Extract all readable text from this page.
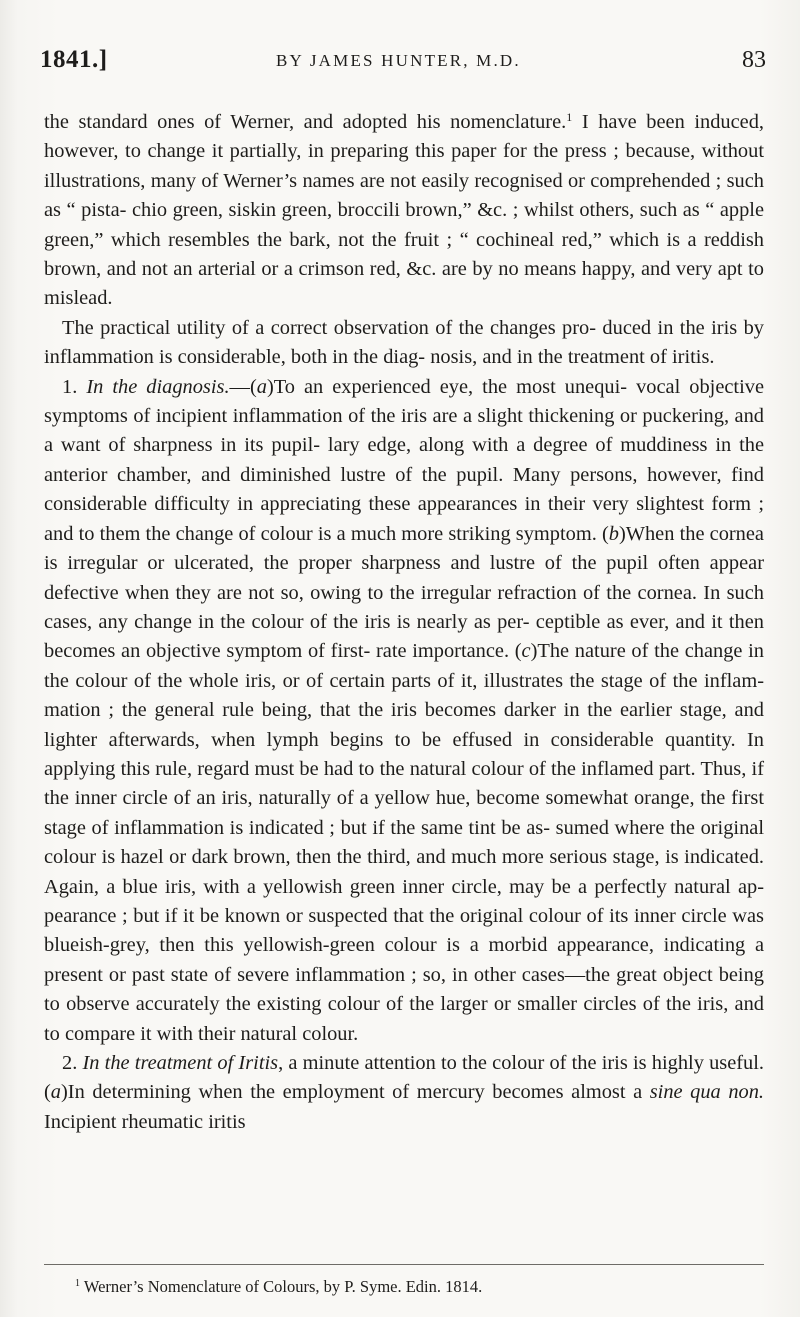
1841.]	BY JAMES HUNTER, M.D.	83

the standard ones of Werner, and adopted his nomenclature.$^1$ I have been induced, however, to change it partially, in preparing this paper for the press ; because, without illustrations, many of Werner’s names are not easily recognised or comprehended ; such as “ pista- chio green, siskin green, broccili brown,” &c. ; whilst others, such as “ apple green,” which resembles the bark, not the fruit ; “ cochineal red,” which is a reddish brown, and not an arterial or a crimson red, &c. are by no means happy, and very apt to mislead.

The practical utility of a correct observation of the changes pro- duced in the iris by inflammation is considerable, both in the diag- nosis, and in the treatment of iritis.

1. In the diagnosis.—(a)To an experienced eye, the most unequi- vocal objective symptoms of incipient inflammation of the iris are a slight thickening or puckering, and a want of sharpness in its pupil- lary edge, along with a degree of muddiness in the anterior chamber, and diminished lustre of the pupil. Many persons, however, find considerable difficulty in appreciating these appearances in their very slightest form ; and to them the change of colour is a much more striking symptom. (b)When the cornea is irregular or ulcerated, the proper sharpness and lustre of the pupil often appear defective when they are not so, owing to the irregular refraction of the cornea. In such cases, any change in the colour of the iris is nearly as per- ceptible as ever, and it then becomes an objective symptom of first- rate importance. (c)The nature of the change in the colour of the whole iris, or of certain parts of it, illustrates the stage of the inflam- mation ; the general rule being, that the iris becomes darker in the earlier stage, and lighter afterwards, when lymph begins to be effused in considerable quantity. In applying this rule, regard must be had to the natural colour of the inflamed part. Thus, if the inner circle of an iris, naturally of a yellow hue, become somewhat orange, the first stage of inflammation is indicated ; but if the same tint be as- sumed where the original colour is hazel or dark brown, then the third, and much more serious stage, is indicated. Again, a blue iris, with a yellowish green inner circle, may be a perfectly natural ap- pearance ; but if it be known or suspected that the original colour of its inner circle was blueish-grey, then this yellowish-green colour is a morbid appearance, indicating a present or past state of severe inflammation ; so, in other cases—the great object being to observe accurately the existing colour of the larger or smaller circles of the iris, and to compare it with their natural colour.

2. In the treatment of Iritis, a minute attention to the colour of the iris is highly useful. (a)In determining when the employment of mercury becomes almost a sine qua non. Incipient rheumatic iritis

$^1$ Werner’s Nomenclature of Colours, by P. Syme. Edin. 1814.
